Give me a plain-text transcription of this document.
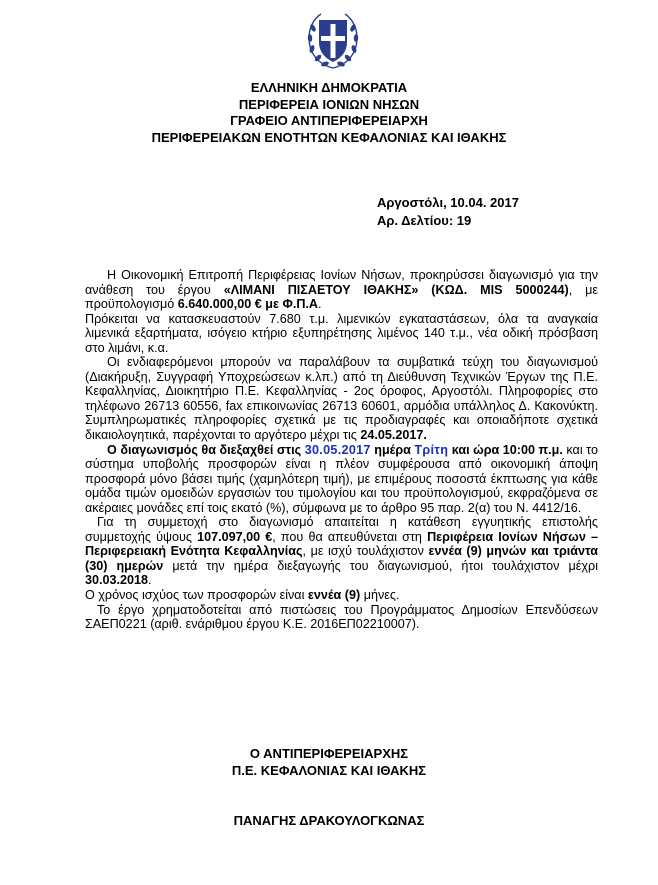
ΕΛΛΗΝΙΚΗ ΔΗΜΟΚΡΑΤΙΑ
ΠΕΡΙΦΕΡΕΙΑ ΙΟΝΙΩΝ ΝΗΣΩΝ
ΓΡΑΦΕΙΟ ΑΝΤΙΠΕΡΙΦΕΡΕΙΑΡΧΗ
ΠΕΡΙΦΕΡΕΙΑΚΩΝ ΕΝΟΤΗΤΩΝ ΚΕΦΑΛΟΝΙΑΣ ΚΑΙ ΙΘΑΚΗΣ
Αργοστόλι, 10.04. 2017
Αρ. Δελτίου: 19

Η Οικονομική Επιτροπή Περιφέρειας Ιονίων Νήσων, προκηρύσσει διαγωνισμό για την ανάθεση του έργου «ΛΙΜΑΝΙ ΠΙΣΑΕΤΟΥ ΙΘΑΚΗΣ» (ΚΩΔ. MIS 5000244), με προϋπολογισμό 6.640.000,00 € με Φ.Π.Α.

Πρόκειται να κατασκευαστούν 7.680 τ.μ. λιμενικών εγκαταστάσεων, όλα τα αναγκαία λιμενικά εξαρτήματα, ισόγειο κτήριο εξυπηρέτησης λιμένος 140 τ.μ., νέα οδική πρόσβαση στο λιμάνι, κ.α.

Οι ενδιαφερόμενοι μπορούν να παραλάβουν τα συμβατικά τεύχη του διαγωνισμού (Διακήρυξη, Συγγραφή Υποχρεώσεων κ.λπ.) από τη Διεύθυνση Τεχνικών Έργων της Π.Ε. Κεφαλληνίας, Διοικητήριο Π.Ε. Κεφαλληνίας - 2ος όροφος, Αργοστόλι. Πληροφορίες στο τηλέφωνο 26713 60556, fax επικοινωνίας 26713 60601, αρμόδια υπάλληλος Δ. Κακονύκτη. Συμπληρωματικές πληροφορίες σχετικά με τις προδιαγραφές και οποιαδήποτε σχετικά δικαιολογητικά, παρέχονται το αργότερο μέχρι τις 24.05.2017.

Ο διαγωνισμός θα διεξαχθεί στις 30.05.2017 ημέρα Τρίτη και ώρα 10:00 π.μ. και το σύστημα υποβολής προσφορών είναι η πλέον συμφέρουσα από οικονομική άποψη προσφορά μόνο βάσει τιμής (χαμηλότερη τιμή), με επιμέρους ποσοστά έκπτωσης για κάθε ομάδα τιμών ομοειδών εργασιών του τιμολογίου και του προϋπολογισμού, εκφραζόμενα σε ακέραιες μονάδες επί τοις εκατό (%), σύμφωνα με το άρθρο 95 παρ. 2(α) του Ν. 4412/16.

Για τη συμμετοχή στο διαγωνισμό απαιτείται η κατάθεση εγγυητικής επιστολής συμμετοχής ύψους 107.097,00 €, που θα απευθύνεται στη Περιφέρεια Ιονίων Νήσων – Περιφερειακή Ενότητα Κεφαλληνίας, με ισχύ τουλάχιστον εννέα (9) μηνών και τριάντα (30) ημερών μετά την ημέρα διεξαγωγής του διαγωνισμού, ήτοι τουλάχιστον μέχρι 30.03.2018.

Ο χρόνος ισχύος των προσφορών είναι εννέα (9) μήνες.

Το έργο χρηματοδοτείται από πιστώσεις του Προγράμματος Δημοσίων Επενδύσεων ΣΑΕΠ0221 (αριθ. ενάριθμου έργου Κ.Ε. 2016ΕΠ02210007).

Ο ΑΝΤΙΠΕΡΙΦΕΡΕΙΑΡΧΗΣ
Π.Ε. ΚΕΦΑΛΟΝΙΑΣ ΚΑΙ ΙΘΑΚΗΣ
ΠΑΝΑΓΗΣ ΔΡΑΚΟΥΛΟΓΚΩΝΑΣ
